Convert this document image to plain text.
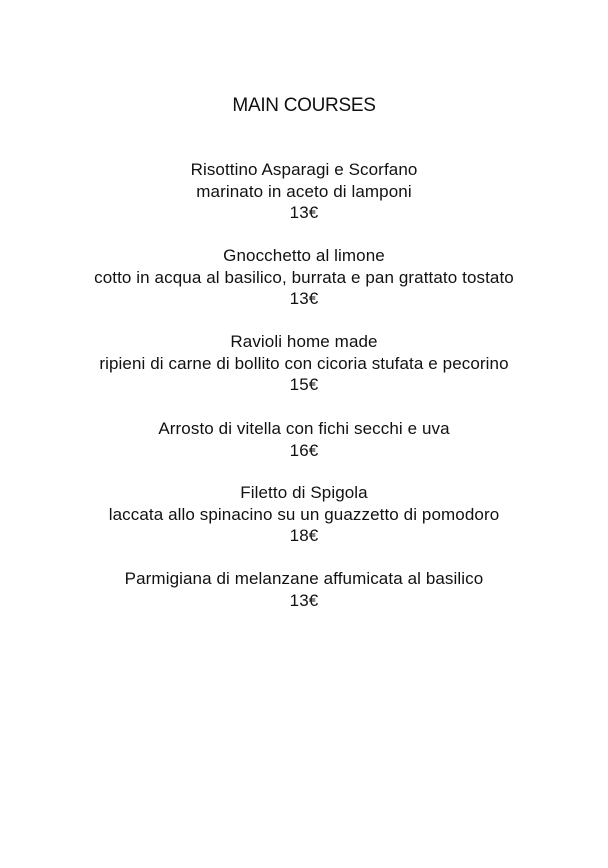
MAIN COURSES
Risottino Asparagi e Scorfano
marinato in aceto di lamponi
13€
Gnocchetto al limone
cotto in acqua al basilico, burrata e pan grattato tostato
13€
Ravioli home made
ripieni di carne di bollito con cicoria stufata e pecorino
15€
Arrosto di vitella con fichi secchi e uva
16€
Filetto di Spigola
laccata allo spinacino su un guazzetto di pomodoro
18€
Parmigiana di melanzane affumicata al basilico
13€
